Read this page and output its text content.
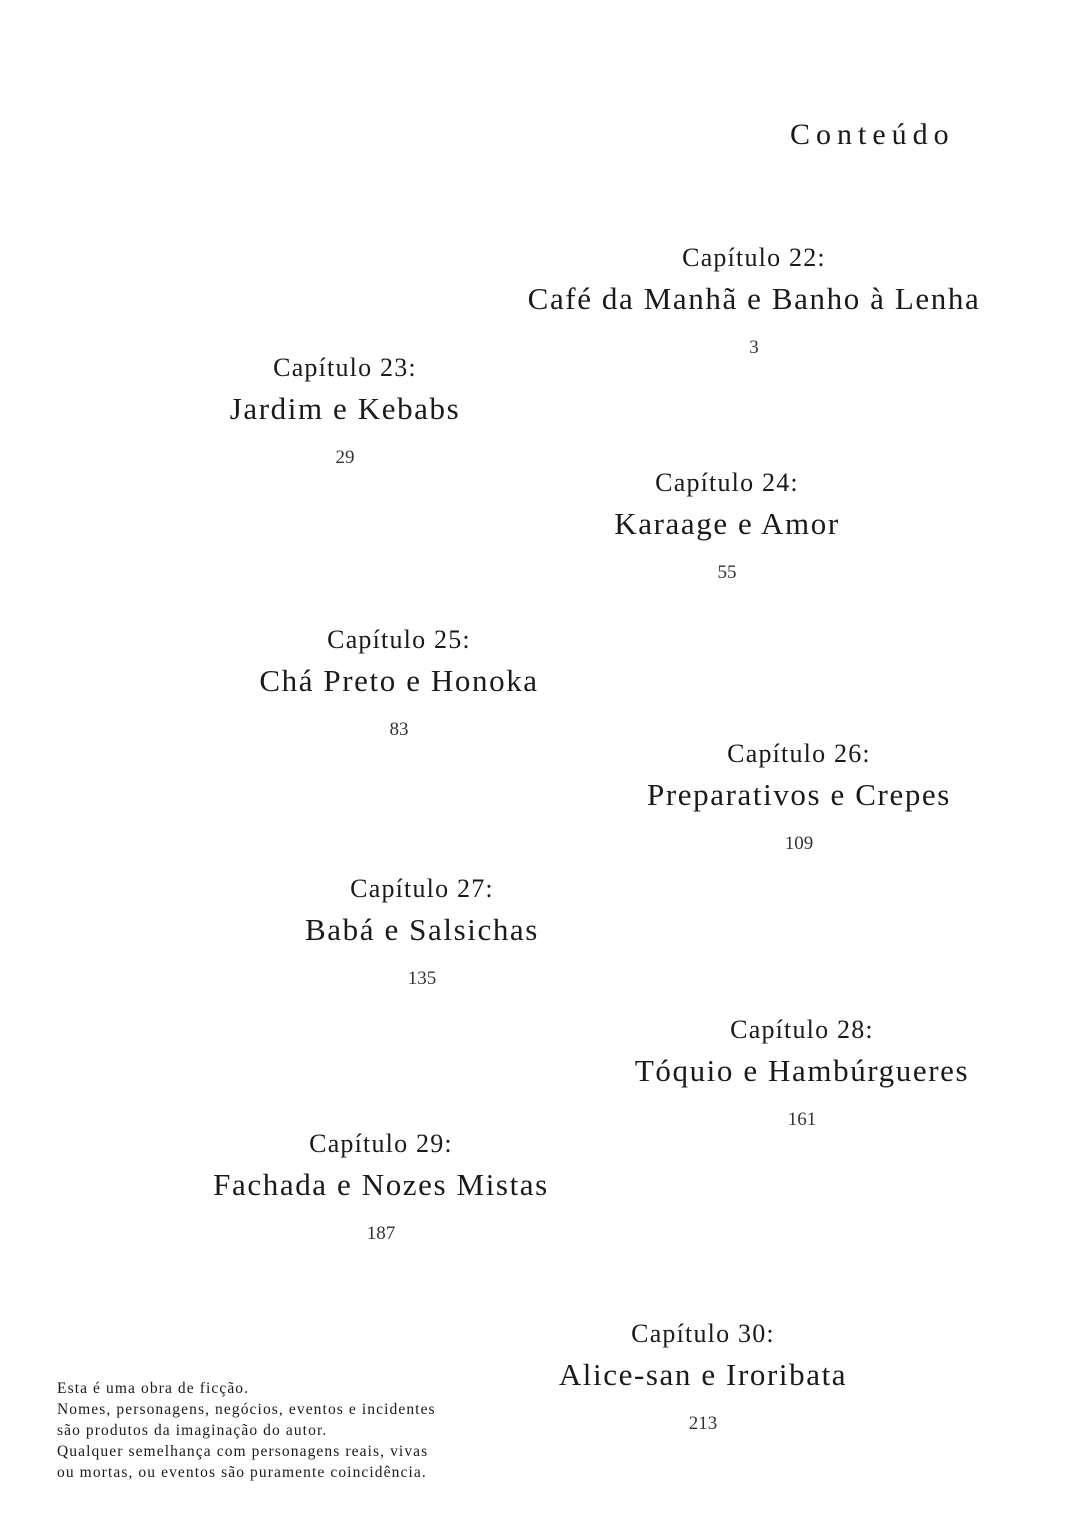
Conteúdo
Capítulo 22:
Café da Manhã e Banho à Lenha
3
Capítulo 23:
Jardim e Kebabs
29
Capítulo 24:
Karaage e Amor
55
Capítulo 25:
Chá Preto e Honoka
83
Capítulo 26:
Preparativos e Crepes
109
Capítulo 27:
Babá e Salsichas
135
Capítulo 28:
Tóquio e Hambúrgueres
161
Capítulo 29:
Fachada e Nozes Mistas
187
Capítulo 30:
Alice-san e Iroribata
213
Esta é uma obra de ficção.
Nomes, personagens, negócios, eventos e incidentes
são produtos da imaginação do autor.
Qualquer semelhança com personagens reais, vivas
ou mortas, ou eventos são puramente coincidência.
